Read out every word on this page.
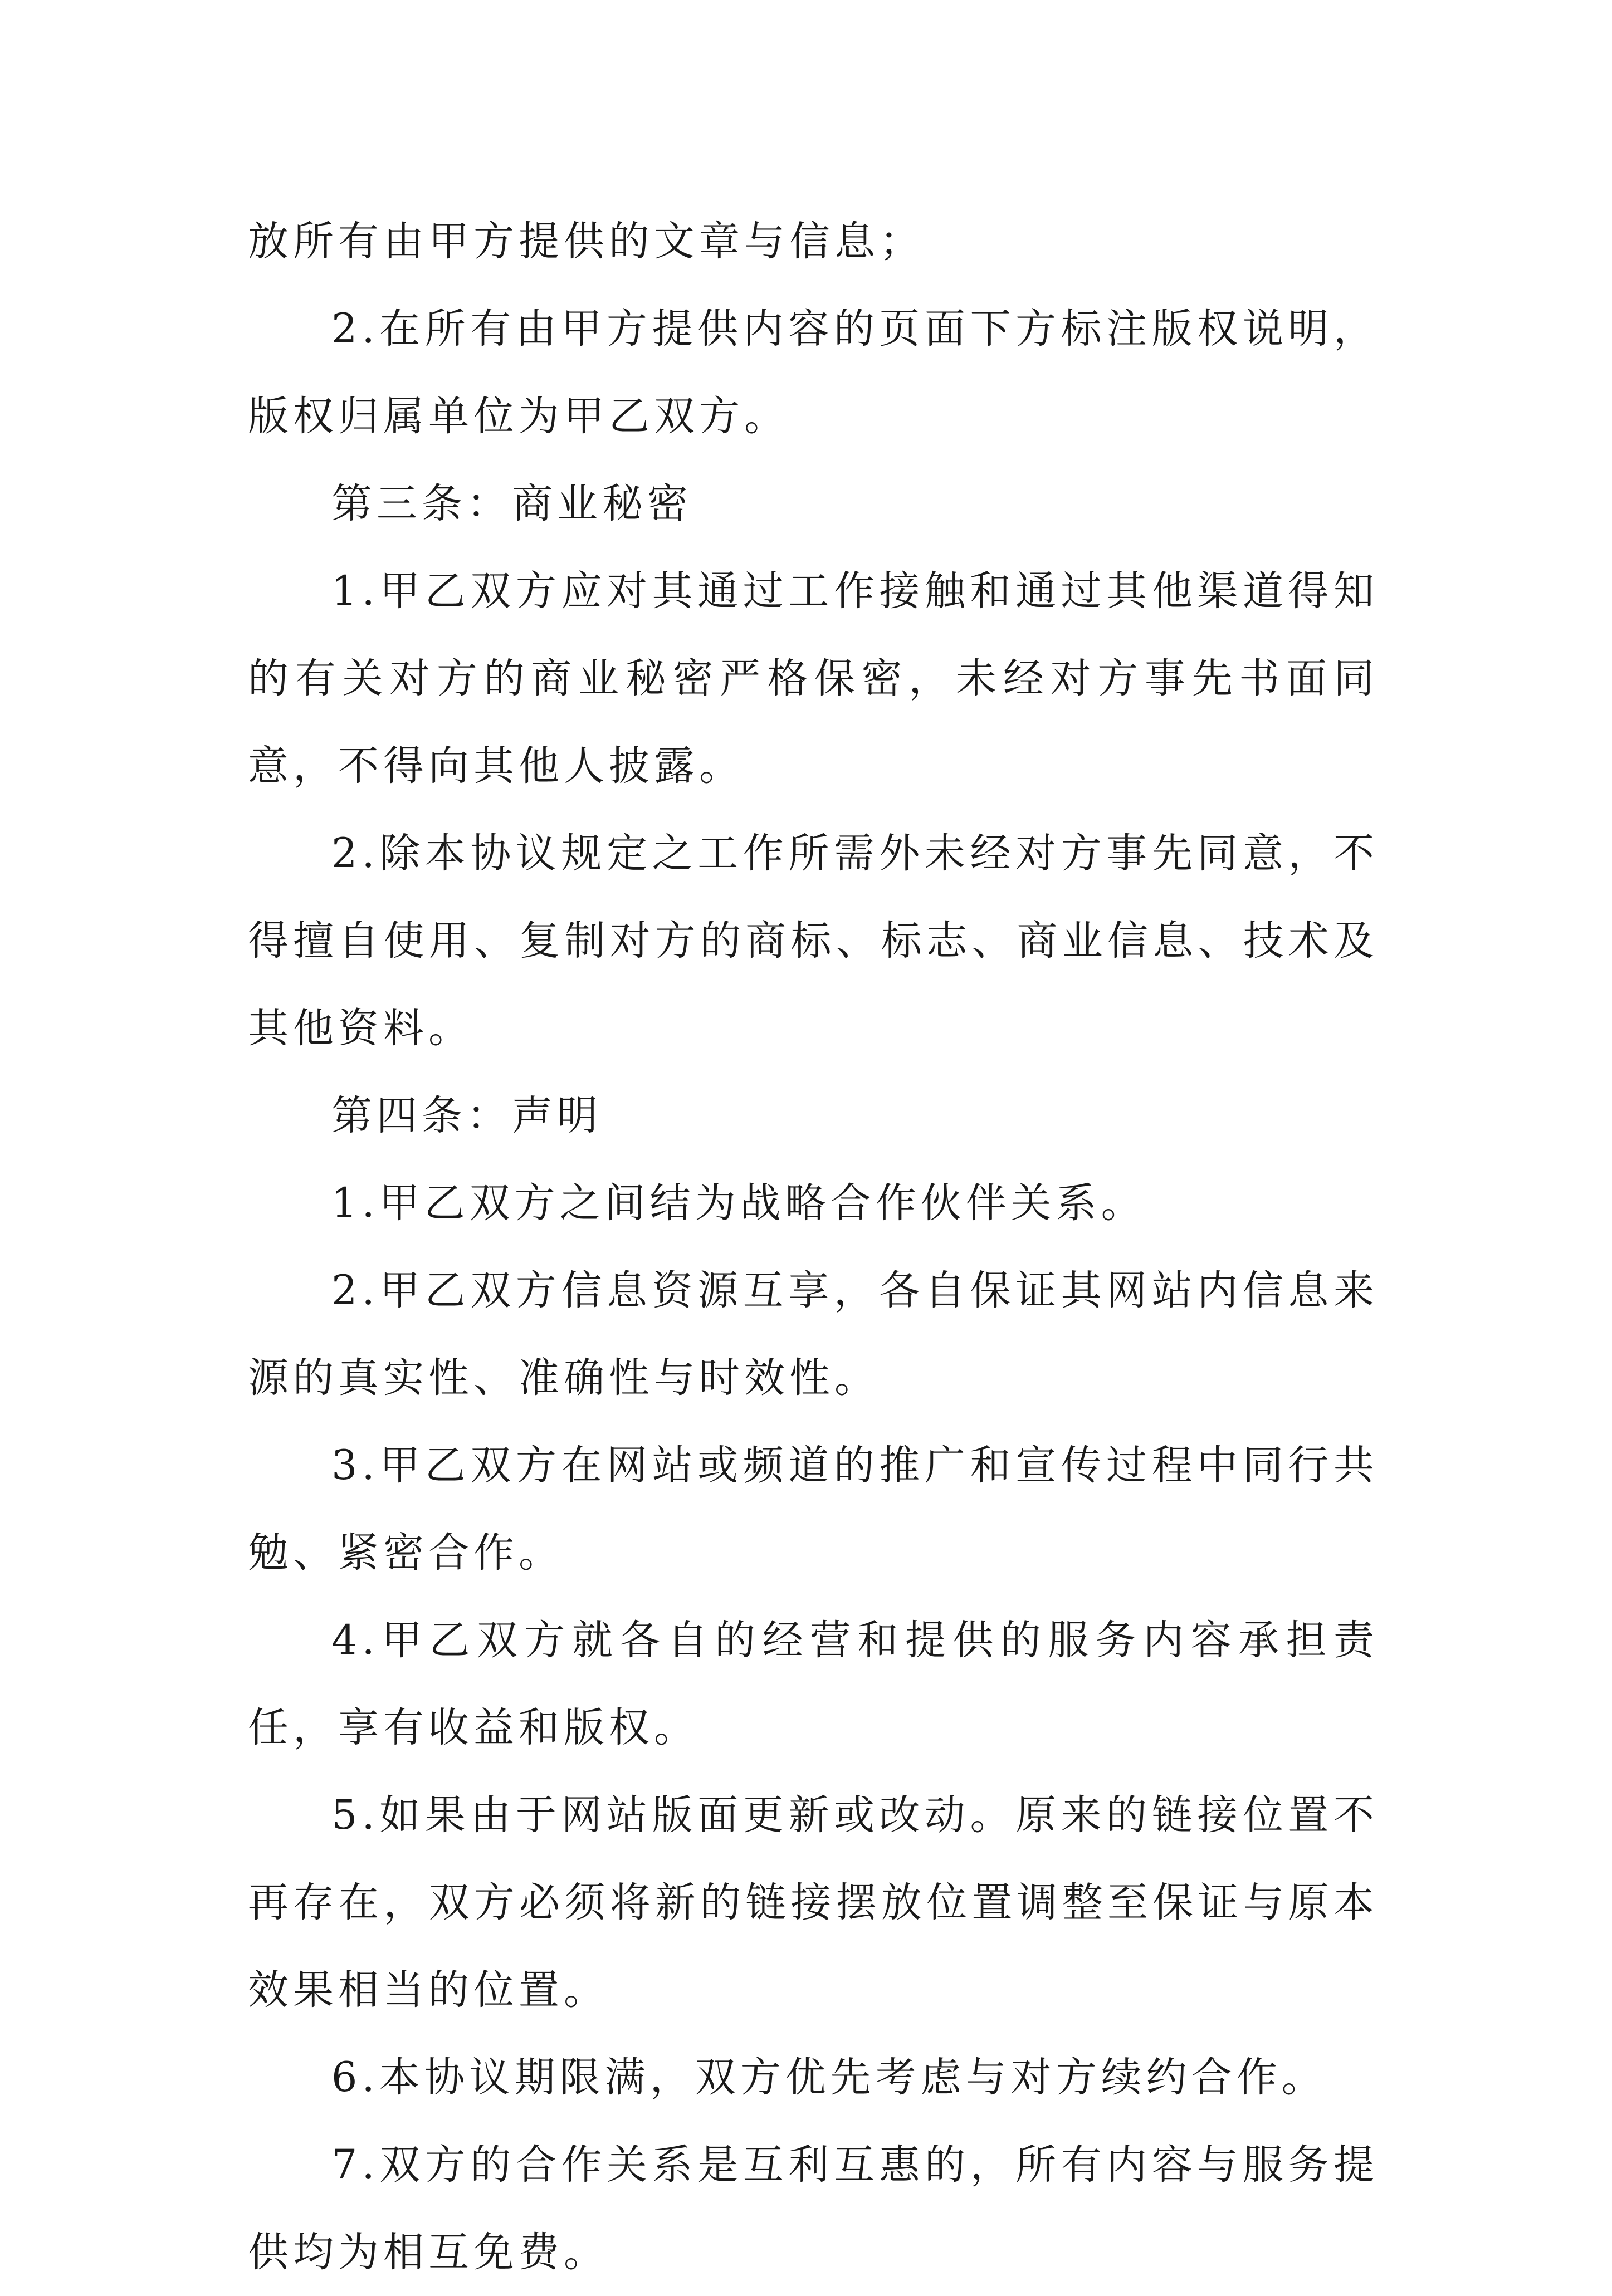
放所有由甲方提供的文章与信息；

2.在所有由甲方提供内容的页面下方标注版权说明，版权归属单位为甲乙双方。

第三条：商业秘密

1.甲乙双方应对其通过工作接触和通过其他渠道得知的有关对方的商业秘密严格保密，未经对方事先书面同意，不得向其他人披露。

2.除本协议规定之工作所需外未经对方事先同意，不得擅自使用、复制对方的商标、标志、商业信息、技术及其他资料。

第四条：声明

1.甲乙双方之间结为战略合作伙伴关系。

2.甲乙双方信息资源互享，各自保证其网站内信息来源的真实性、准确性与时效性。

3.甲乙双方在网站或频道的推广和宣传过程中同行共勉、紧密合作。

4.甲乙双方就各自的经营和提供的服务内容承担责任，享有收益和版权。

5.如果由于网站版面更新或改动。原来的链接位置不再存在，双方必须将新的链接摆放位置调整至保证与原本效果相当的位置。

6.本协议期限满，双方优先考虑与对方续约合作。

7.双方的合作关系是互利互惠的，所有内容与服务提供均为相互免费。
